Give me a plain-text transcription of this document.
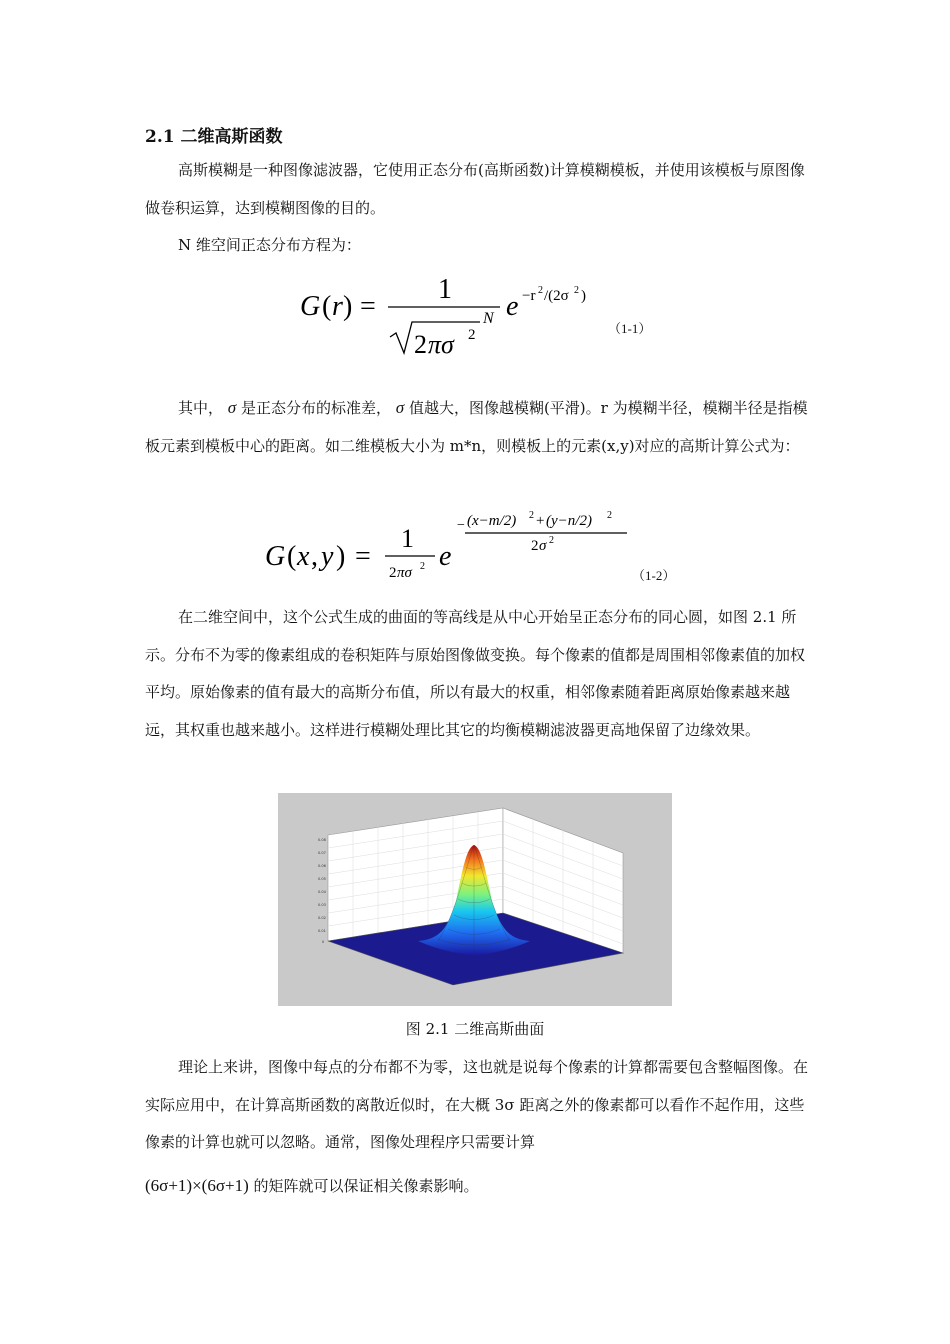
2.1 二维高斯函数

高斯模糊是一种图像滤波器，它使用正态分布(高斯函数)计算模糊模板，并使用该模板与原图像做卷积运算，达到模糊图像的目的。

N 维空间正态分布方程为：

G ( r ) =
1
2 πσ 2
N e −r 2 /(2σ 2 )
（1-1）

其中， σ 是正态分布的标准差， σ 值越大，图像越模糊(平滑)。r 为模糊半径，模糊半径是指模板元素到模板中心的距离。如二维模板大小为 m*n，则模板上的元素(x,y)对应的高斯计算公式为：

G ( x , y ) =
1
2 πσ 2 e
− (x−m/2) 2 + (y−n/2) 2
2 σ 2
（1-2）

在二维空间中，这个公式生成的曲面的等高线是从中心开始呈正态分布的同心圆，如图 2.1 所示。分布不为零的像素组成的卷积矩阵与原始图像做变换。每个像素的值都是周围相邻像素值的加权平均。原始像素的值有最大的高斯分布值，所以有最大的权重，相邻像素随着距离原始像素越来越远，其权重也越来越小。这样进行模糊处理比其它的均衡模糊滤波器更高地保留了边缘效果。

0.08
0.07
0.06
0.05
0.04
0.03
0.02
0.01
0
图 2.1 二维高斯曲面

理论上来讲，图像中每点的分布都不为零，这也就是说每个像素的计算都需要包含整幅图像。在实际应用中，在计算高斯函数的离散近似时，在大概 3σ 距离之外的像素都可以看作不起作用，这些像素的计算也就可以忽略。通常，图像处理程序只需要计算

(6σ+1)×(6σ+1) 的矩阵就可以保证相关像素影响。
